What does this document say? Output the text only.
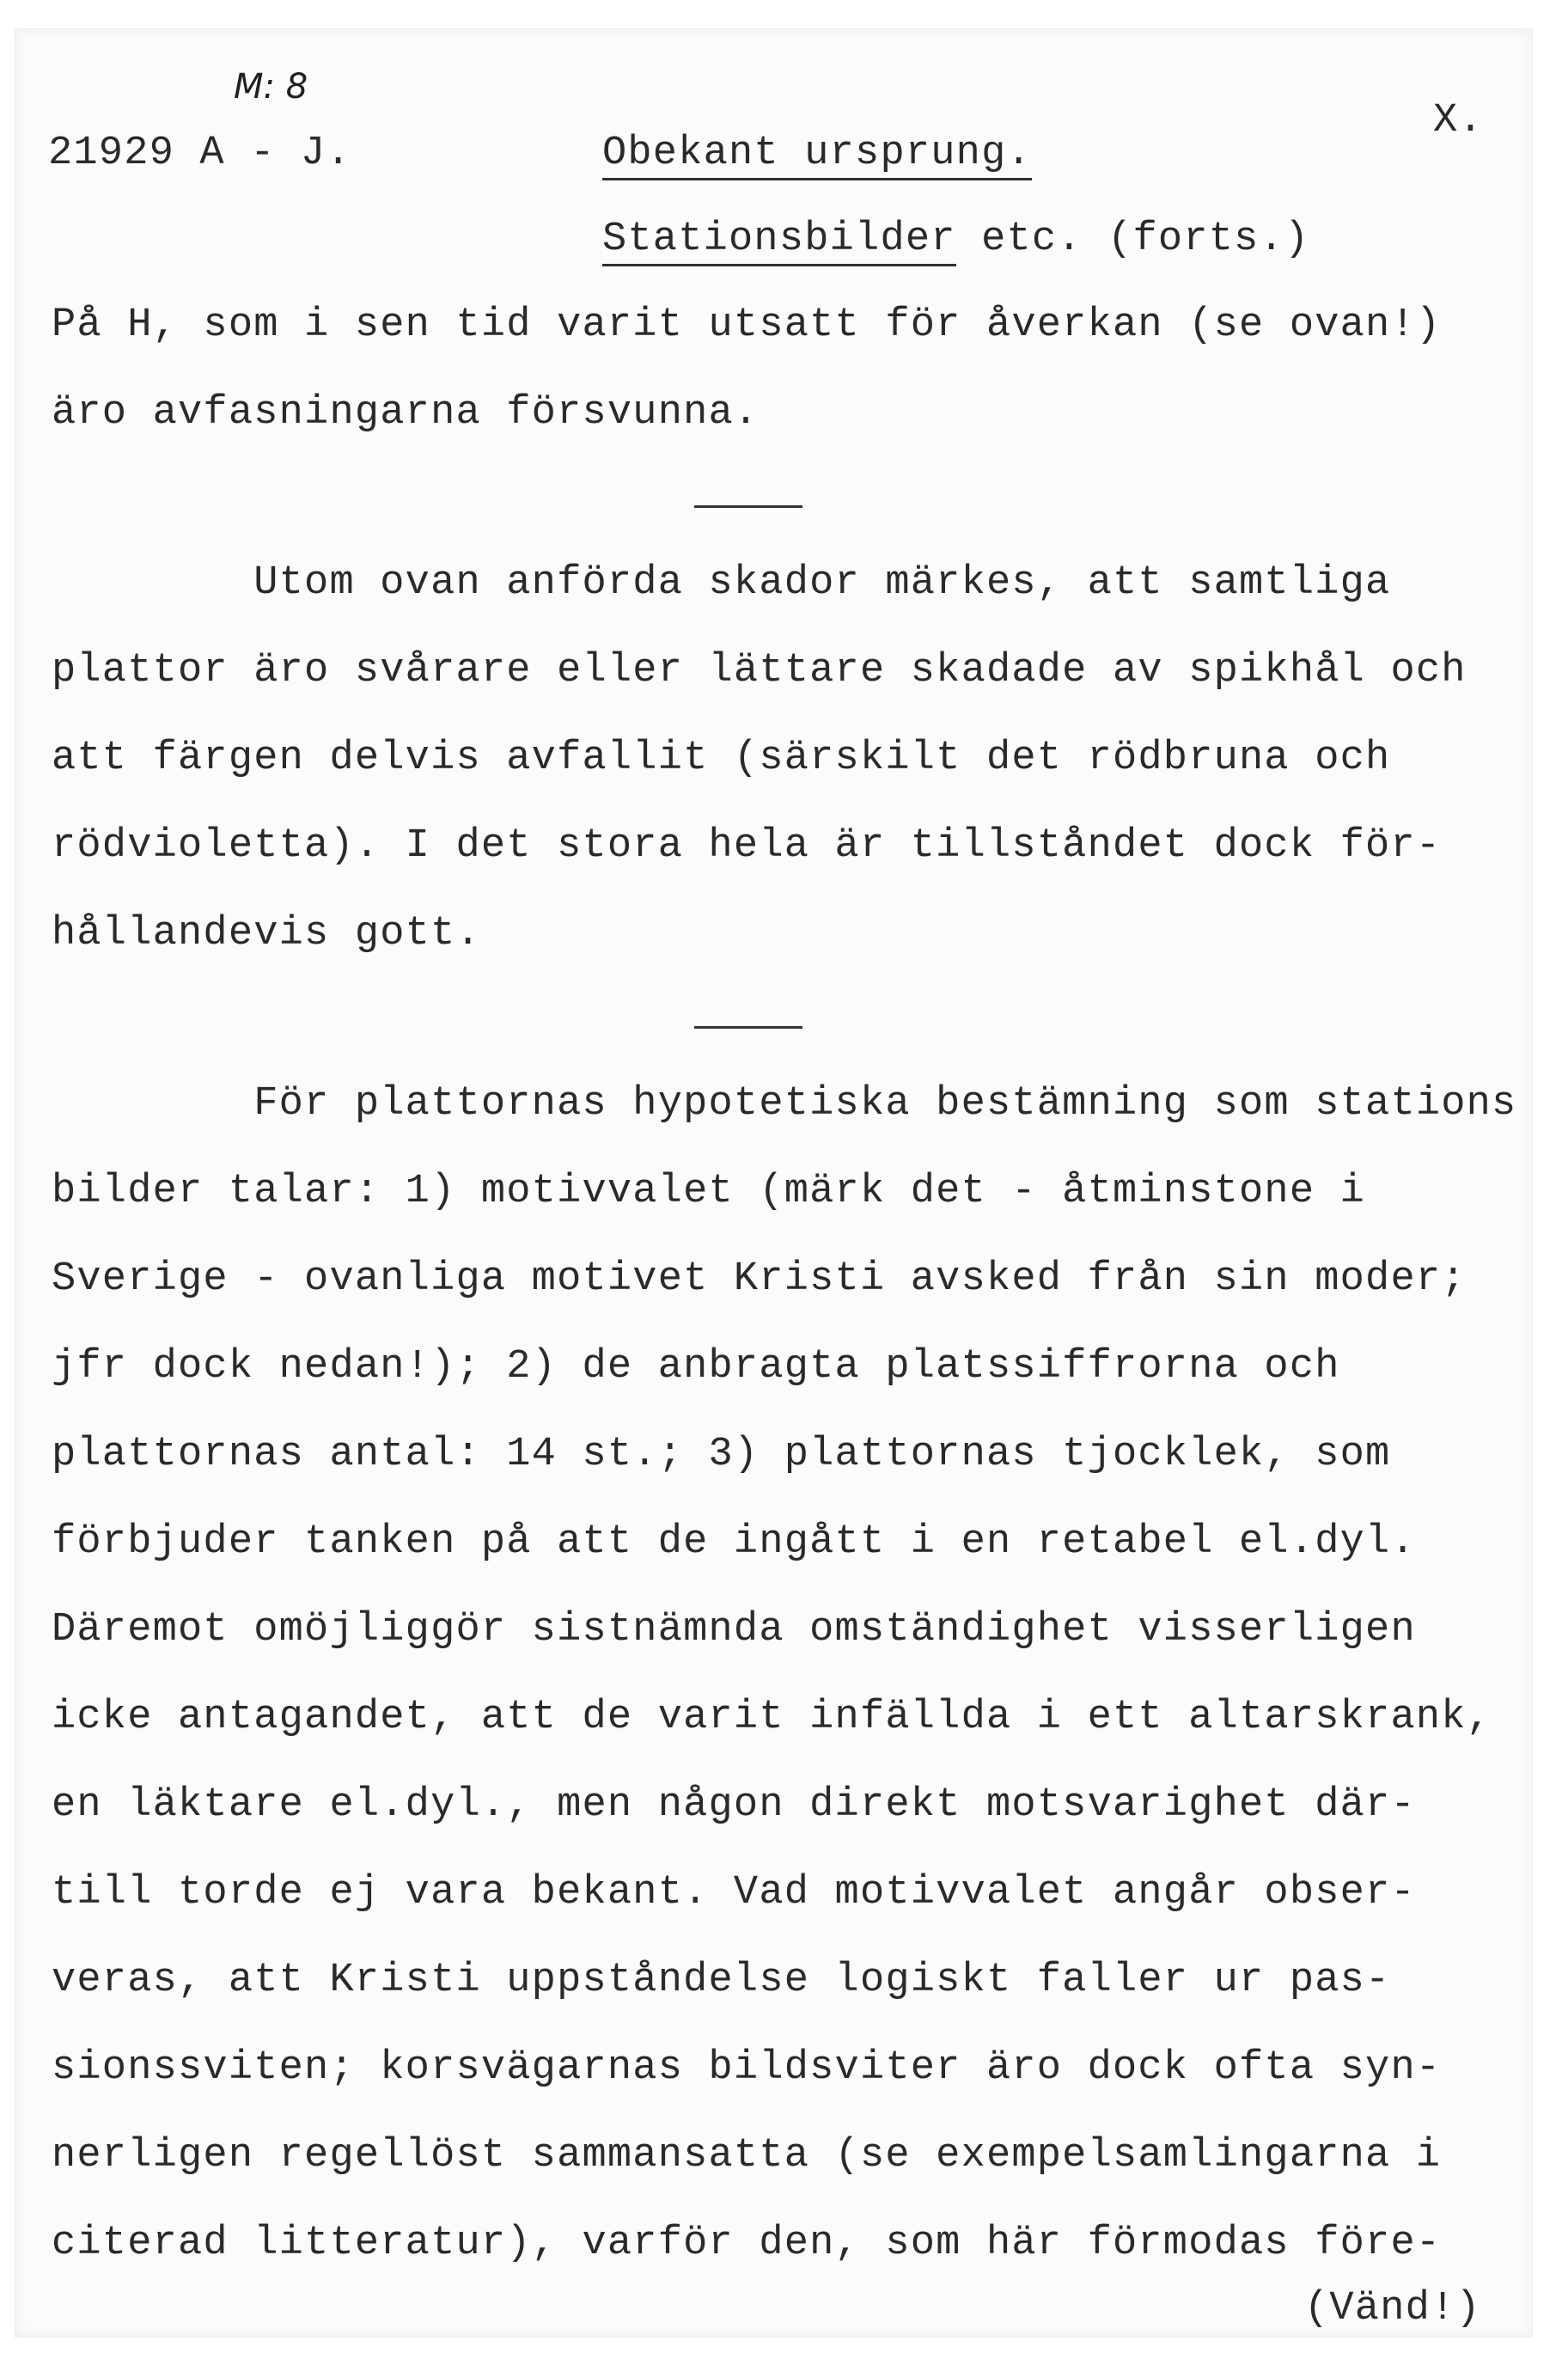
M: 8
21929 A - J.
X.
Obekant ursprung.
Stationsbilder etc. (forts.)
På H, som i sen tid varit utsatt för åverkan (se ovan!)
äro avfasningarna försvunna.
Utom ovan anförda skador märkes, att samtliga
plattor äro svårare eller lättare skadade av spikhål och
att färgen delvis avfallit (särskilt det rödbruna och
rödvioletta). I det stora hela är tillståndet dock för-
hållandevis gott.
För plattornas hypotetiska bestämning som stations
bilder talar: 1) motivvalet (märk det - åtminstone i
Sverige - ovanliga motivet Kristi avsked från sin moder;
jfr dock nedan!); 2) de anbragta platssiffrorna och
plattornas antal: 14 st.; 3) plattornas tjocklek, som
förbjuder tanken på att de ingått i en retabel el.dyl.
Däremot omöjliggör sistnämnda omständighet visserligen
icke antagandet, att de varit infällda i ett altarskrank,
en läktare el.dyl., men någon direkt motsvarighet där-
till torde ej vara bekant. Vad motivvalet angår obser-
veras, att Kristi uppståndelse logiskt faller ur pas-
sionssviten; korsvägarnas bildsviter äro dock ofta syn-
nerligen regellöst sammansatta (se exempelsamlingarna i
citerad litteratur), varför den, som här förmodas före-
(Vänd!)
